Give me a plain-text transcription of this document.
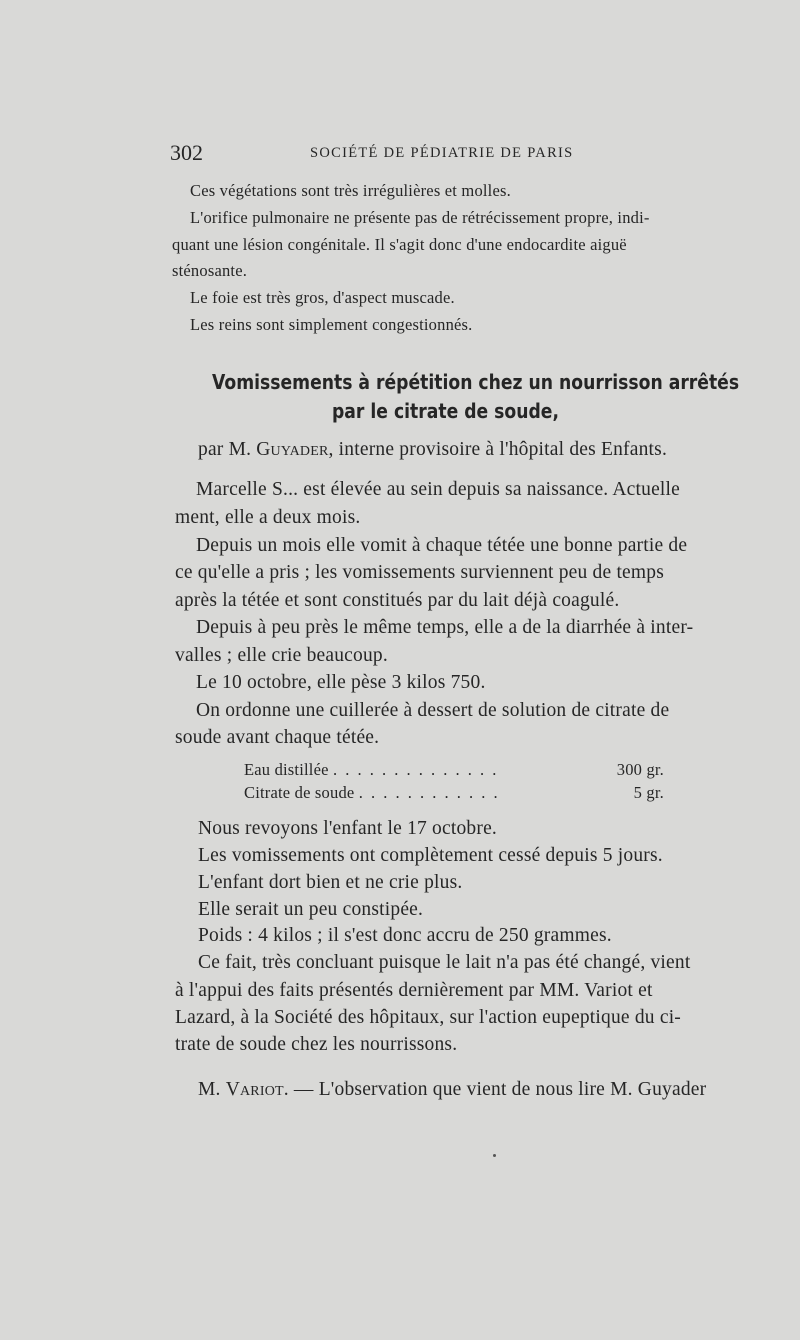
302	SOCIÉTÉ DE PÉDIATRIE DE PARIS
Ces végétations sont très irrégulières et molles.
L'orifice pulmonaire ne présente pas de rétrécissement propre, indi-
quant une lésion congénitale. Il s'agit donc d'une endocardite aiguë
sténosante.
Le foie est très gros, d'aspect muscade.
Les reins sont simplement congestionnés.
Vomissements à répétition chez un nourrisson arrêtés
par le citrate de soude,
par M. Guyader, interne provisoire à l'hôpital des Enfants.
Marcelle S... est élevée au sein depuis sa naissance. Actuelle
ment, elle a deux mois.
Depuis un mois elle vomit à chaque tétée une bonne partie de
ce qu'elle a pris ; les vomissements surviennent peu de temps
après la tétée et sont constitués par du lait déjà coagulé.
Depuis à peu près le même temps, elle a de la diarrhée à inter-
valles ; elle crie beaucoup.
Le 10 octobre, elle pèse 3 kilos 750.
On ordonne une cuillerée à dessert de solution de citrate de
soude avant chaque tétée.
Eau distillée . . . . . . . . . . . . . .	300 gr.
Citrate de soude . . . . . . . . . . . .	5 gr.
Nous revoyons l'enfant le 17 octobre.
Les vomissements ont complètement cessé depuis 5 jours.
L'enfant dort bien et ne crie plus.
Elle serait un peu constipée.
Poids : 4 kilos ; il s'est donc accru de 250 grammes.
Ce fait, très concluant puisque le lait n'a pas été changé, vient
à l'appui des faits présentés dernièrement par MM. Variot et
Lazard, à la Société des hôpitaux, sur l'action eupeptique du ci-
trate de soude chez les nourrissons.
M. Variot. — L'observation que vient de nous lire M. Guyader
